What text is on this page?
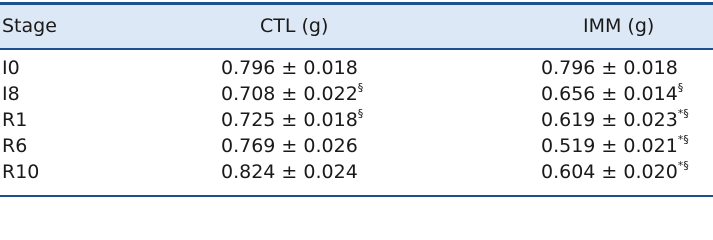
Stage	CTL (g)	IMM (g)
I0	0.796 ± 0.018	0.796 ± 0.018
I8	0.708 ± 0.022§	0.656 ± 0.014§
R1	0.725 ± 0.018§	0.619 ± 0.023*§
R6	0.769 ± 0.026	0.519 ± 0.021*§
R10	0.824 ± 0.024	0.604 ± 0.020*§
